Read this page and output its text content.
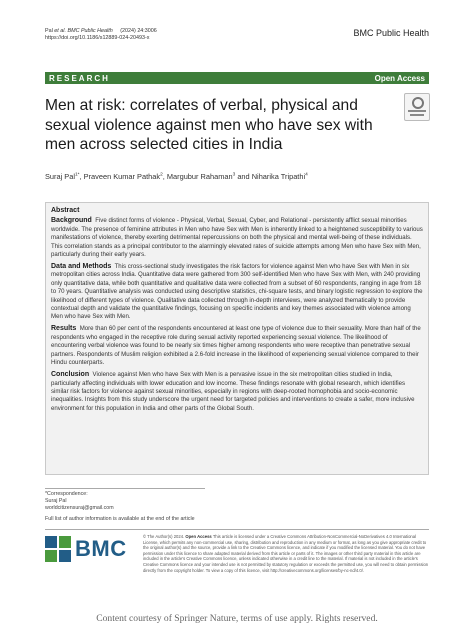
Pal et al. BMC Public Health (2024) 24:3006
https://doi.org/10.1186/s12889-024-20493-x	BMC Public Health
RESEARCH	Open Access
Men at risk: correlates of verbal, physical and sexual violence against men who have sex with men across selected cities in India
Suraj Pal$^{1*}$, Praveen Kumar Pathak$^2$, Margubur Rahaman$^3$ and Niharika Tripathi$^4$
Abstract

Background Five distinct forms of violence - Physical, Verbal, Sexual, Cyber, and Relational - persistently afflict sexual minorities worldwide. The presence of feminine attributes in Men who have Sex with Men is inherently linked to a heightened susceptibility to various manifestations of violence, thereby exerting detrimental repercussions on both the physical and mental well-being of these individuals. This correlation stands as a principal contributor to the alarmingly elevated rates of suicide attempts among Men who have Sex with Men, particularly during their early years.

Data and Methods This cross-sectional study investigates the risk factors for violence against Men who have Sex with Men in six metropolitan cities across India. Quantitative data were gathered from 300 self-identified Men who have Sex with Men, with 240 providing only quantitative data, while both quantitative and qualitative data were collected from a subset of 60 respondents, ranging in age from 18 to 70 years. Quantitative analysis was conducted using descriptive statistics, chi-square tests, and binary logistic regression to explore the likelihood of different types of violence. Qualitative data collected through in-depth interviews, were analyzed thematically to provide contextual depth and validate the quantitative findings, focusing on specific incidents and key themes associated with violence among Men who have Sex with Men.

Results More than 60 per cent of the respondents encountered at least one type of violence due to their sexuality. More than half of the respondents who engaged in the receptive role during sexual activity reported experiencing sexual violence. The likelihood of encountering verbal violence was found to be nearly six times higher among respondents who were receptive than penetrative sexual partners. Respondents of Muslim religion exhibited a 2.6-fold increase in the likelihood of experiencing sexual violence compared to their Hindu counterparts.

Conclusion Violence against Men who have Sex with Men is a pervasive issue in the six metropolitan cities studied in India, particularly affecting individuals with lower education and low income. These findings resonate with global research, which identifies similar risk factors for violence against sexual minorities, especially in regions with deep-rooted homophobia and socio-economic inequalities. Insights from this study underscore the urgent need for targeted policies and interventions to create a safer, more inclusive environment for this population in India and other parts of the Global South.

*Correspondence:
Suraj Pal
worldcitizensuraj@gmail.com
Full list of author information is available at the end of the article
BMC	© The Author(s) 2024. Open Access This article is licensed under a Creative Commons Attribution-NonCommercial-NoDerivatives 4.0 International License, which permits any non-commercial use, sharing, distribution and reproduction in any medium or format, as long as you give appropriate credit to the original author(s) and the source, provide a link to the Creative Commons licence, and indicate if you modified the licensed material. You do not have permission under this licence to share adapted material derived from this article or parts of it. The images or other third party material in this article are included in the article's Creative Commons licence, unless indicated otherwise in a credit line to the material. If material is not included in the article's Creative Commons licence and your intended use is not permitted by statutory regulation or exceeds the permitted use, you will need to obtain permission directly from the copyright holder. To view a copy of this licence, visit http://creativecommons.org/licenses/by-nc-nd/4.0/.
Content courtesy of Springer Nature, terms of use apply. Rights reserved.
